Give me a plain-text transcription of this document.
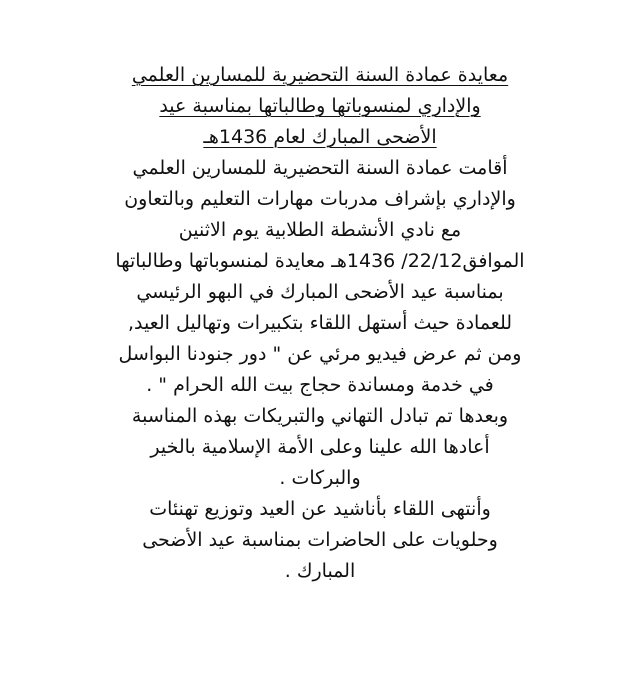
معايدة عمادة السنة التحضيرية للمسارين العلمي
والإداري لمنسوباتها وطالباتها بمناسبة عيد
الأضحى المبارك لعام 1436هـ
أقامت عمادة السنة التحضيرية للمسارين العلمي
والإداري بإشراف مدربات مهارات التعليم وبالتعاون
مع نادي الأنشطة الطلابية يوم الاثنين
الموافق22/12/ 1436هـ معايدة لمنسوباتها وطالباتها
بمناسبة عيد الأضحى المبارك في البهو الرئيسي
للعمادة حيث أستهل اللقاء بتكبيرات وتهاليل العيد,
ومن ثم عرض فيديو مرئي عن " دور جنودنا البواسل
في خدمة ومساندة حجاج بيت الله الحرام " .
وبعدها تم تبادل التهاني والتبريكات بهذه المناسبة
أعادها الله علينا وعلى الأمة الإسلامية بالخير
والبركات .
وأنتهى اللقاء بأناشيد عن العيد وتوزيع تهنئات
وحلويات على الحاضرات بمناسبة عيد الأضحى
المبارك .
